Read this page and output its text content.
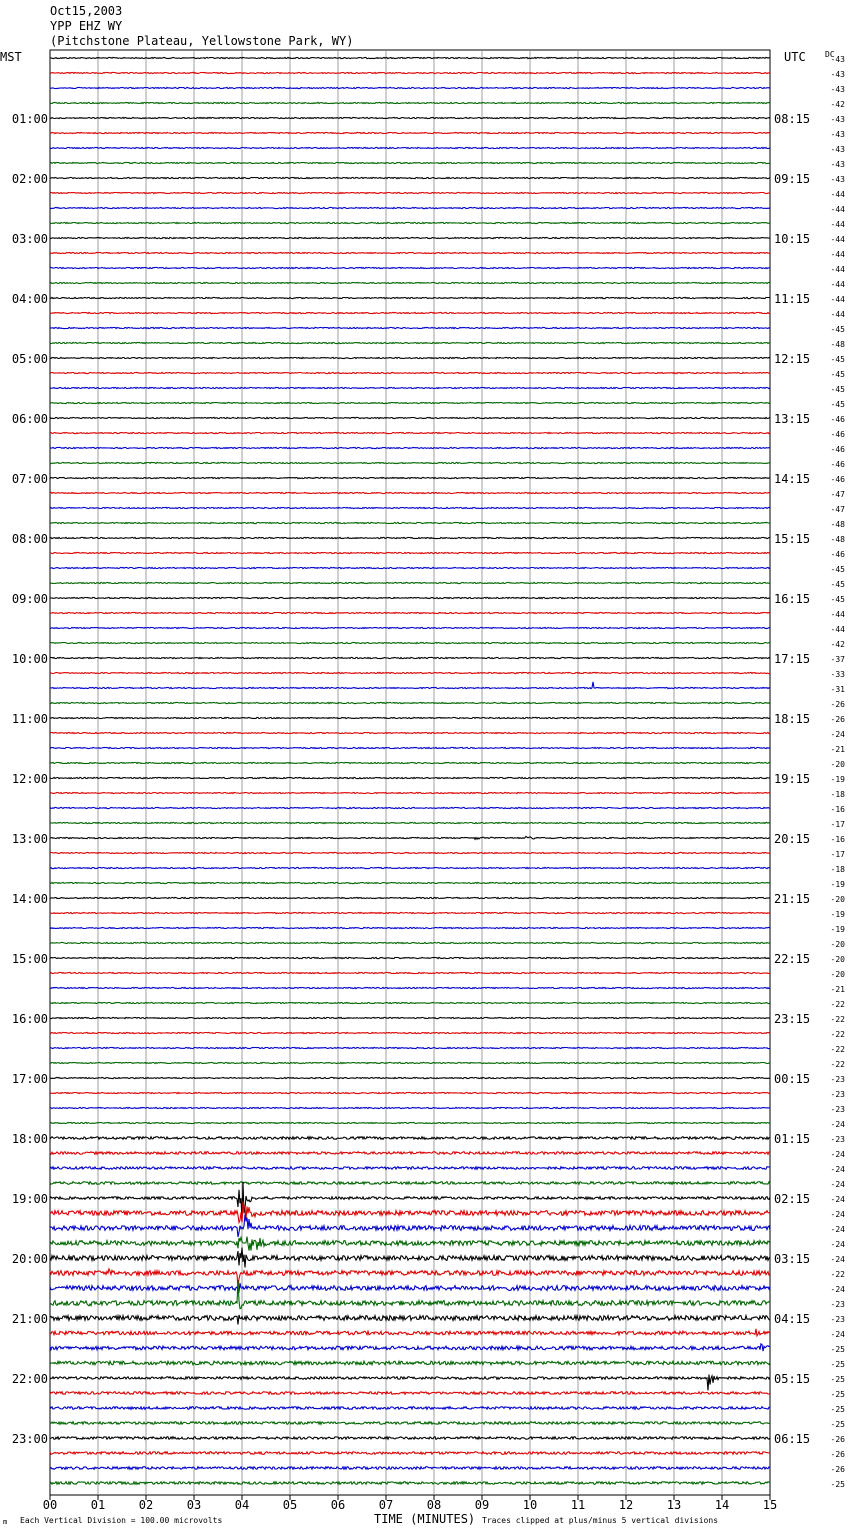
Oct15,2003
YPP EHZ WY
(Pitchstone Plateau, Yellowstone Park, WY)
00	01	02	03	04	05	06	07	08	09	10	11	12	13	14	15
-43
-43
-43
-42
-43
-43
-43
-43
-43
-44
-44
-44
-44
-44
-44
-44
-44
-44
-45
-48
-45
-45
-45
-45
-46
-46
-46
-46
-46
-47
-47
-48
-48
-46
-45
-45
-45
-44
-44
-42
-37
-33
-31
-26
-26
-24
-21
-20
-19
-18
-16
-17
-16
-17
-18
-19
-20
-19
-19
-20
-20
-20
-21
-22
-22
-22
-22
-22
-23
-23
-23
-24
-23
-24
-24
-24
-24
-24
-24
-24
-24
-22
-24
-23
-23
-24
-25
-25
-25
-25
-25
-25
-26
-26
-26
-25
01:00
02:00
03:00
04:00
05:00
06:00
07:00
08:00
09:00
10:00
11:00
12:00
13:00
14:00
15:00
16:00
17:00
18:00
19:00
20:00
21:00
22:00
23:00
08:15
09:15
10:15
11:15
12:15
13:15
14:15
15:15
16:15
17:15
18:15
19:15
20:15
21:15
22:15
23:15
00:15
01:15
02:15
03:15
04:15
05:15
06:15
MST	UTC DC
m Each Vertical Division = 100.00 microvolts	TIME (MINUTES) Traces clipped at plus/minus 5 vertical divisions
